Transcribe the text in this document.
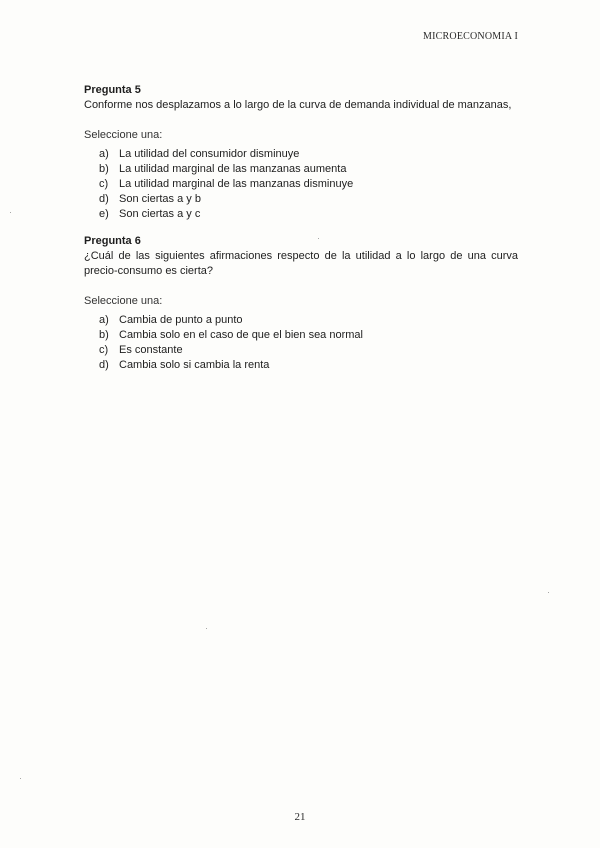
MICROECONOMIA I
Pregunta 5
Conforme nos desplazamos a lo largo de la curva de demanda individual de manzanas,
Seleccione una:
a) La utilidad del consumidor disminuye
b) La utilidad marginal de las manzanas aumenta
c) La utilidad marginal de las manzanas disminuye
d) Son ciertas a y b
e) Son ciertas a y c
Pregunta 6
¿Cuál de las siguientes afirmaciones respecto de la utilidad a lo largo de una curva precio-consumo es cierta?
Seleccione una:
a) Cambia de punto a punto
b) Cambia solo en el caso de que el bien sea normal
c) Es constante
d) Cambia solo si cambia la renta
21
